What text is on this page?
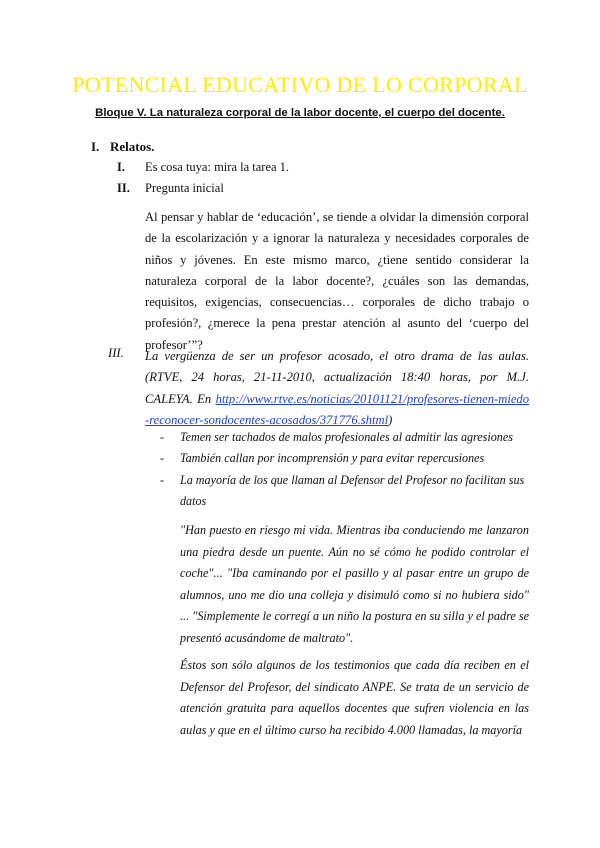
POTENCIAL EDUCATIVO DE LO CORPORAL
Bloque V. La naturaleza corporal de la labor docente, el cuerpo del docente.
I. Relatos.
I. Es cosa tuya: mira la tarea 1.
II. Pregunta inicial
Al pensar y hablar de ‘educación’, se tiende a olvidar la dimensión corporal de la escolarización y a ignorar la naturaleza y necesidades corporales de niños y jóvenes. En este mismo marco, ¿tiene sentido considerar la naturaleza corporal de la labor docente?, ¿cuáles son las demandas, requisitos, exigencias, consecuencias… corporales de dicho trabajo o profesión?, ¿merece la pena prestar atención al asunto del ‘cuerpo del profesor’”?
III. La vergüenza de ser un profesor acosado, el otro drama de las aulas. (RTVE, 24 horas, 21-11-2010, actualización 18:40 horas, por M.J. CALEYA. En http://www.rtve.es/noticias/20101121/profesores-tienen-miedo-reconocer-sondocentes-acosados/371776.shtml)
- Temen ser tachados de malos profesionales al admitir las agresiones
- También callan por incomprensión y para evitar repercusiones
- La mayoría de los que llaman al Defensor del Profesor no facilitan sus datos
"Han puesto en riesgo mi vida. Mientras iba conduciendo me lanzaron una piedra desde un puente. Aún no sé cómo he podido controlar el coche"... "Iba caminando por el pasillo y al pasar entre un grupo de alumnos, uno me dio una colleja y disimuló como si no hubiera sido" ... "Simplemente le corregí a un niño la postura en su silla y el padre se presentó acusándome de maltrato".
Éstos son sólo algunos de los testimonios que cada día reciben en el Defensor del Profesor, del sindicato ANPE. Se trata de un servicio de atención gratuita para aquellos docentes que sufren violencia en las aulas y que en el último curso ha recibido 4.000 llamadas, la mayoría
